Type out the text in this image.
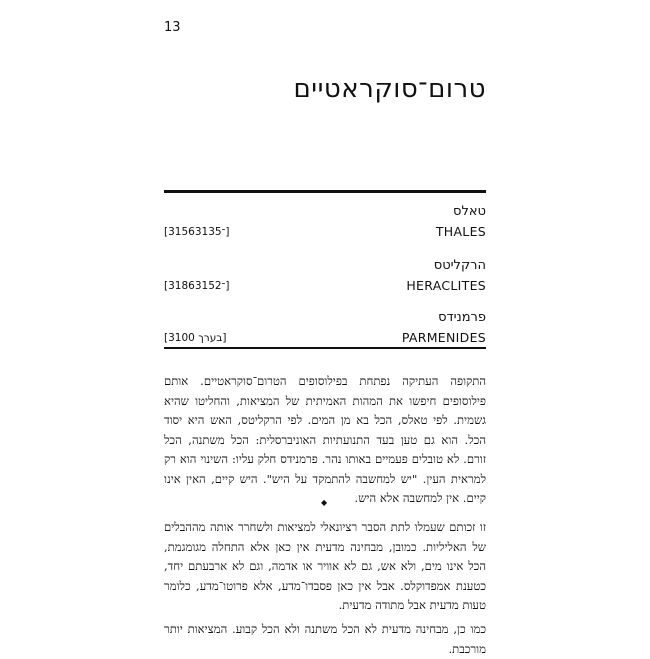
13
טרום־סוקראטיים
טאלס
THALES
[3156־3135]
הרקליטס
HERACLITES
[3186־3152]
פרמנידס
PARMENIDES
[3100 בערך]

התקופה העתיקה נפתחת בפילוסופים הטרום־סוקראטיים. אותם פילוסופים חיפשו את המהות האמיתית של המציאות, והחליטו שהיא גשמית. לפי טאלס, הכל בא מן המים. לפי הרקליטס, האש היא יסוד הכל. הוא גם טען בעד התנועתיות האוניברסלית: הכל משתנה, הכל זורם. לא טובלים פעמיים באותו נהר. פרמנידס חלק עליו: השינוי הוא רק למראית העין. "יש למחשבה להתמקד על היש". היש קיים, האין אינו קיים. אין למחשבה אלא היש.

◆

זו זכותם שעמלו לתת הסבר רציונאלי למציאות ולשחרר אותה מההבלים של האליליות. כמובן, מבחינה מדעית אין כאן אלא התחלה מגומגמת, הכל אינו מים, ולא אש, גם לא אוויר או אדמה, וגם לא ארבעתם יחד, כטענת אמפדוקלס. אבל אין כאן פסבדו־מדע, אלא פרוטו־מדע, כלומר טעות מדעית אבל מתודה מדעית.

כמו כן, מבחינה מדעית לא הכל משתנה ולא הכל קבוע. המציאות יותר מורכבת.
